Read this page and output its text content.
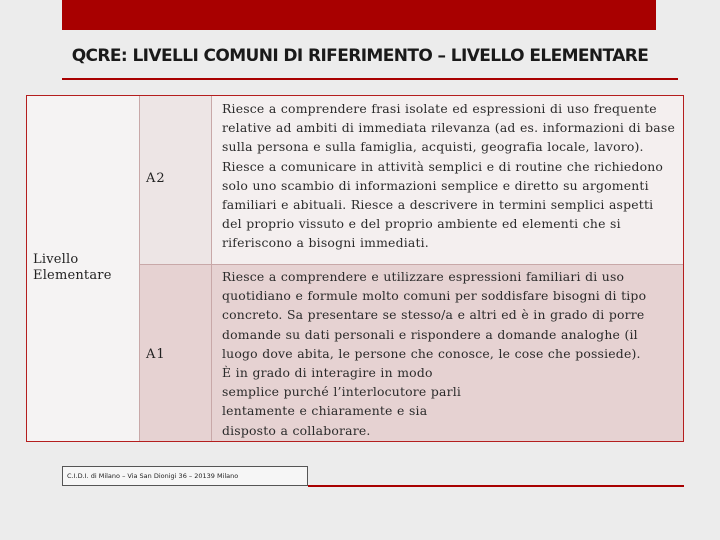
QCRE: LIVELLI COMUNI DI RIFERIMENTO – LIVELLO ELEMENTARE
Livello
Elementare
A2
Riesce a comprendere frasi isolate ed espressioni di uso frequente relative ad ambiti di immediata rilevanza (ad es. informazioni di base sulla persona e sulla famiglia, acquisti, geografia locale, lavoro). Riesce a comunicare in attività semplici e di routine che richiedono solo uno scambio di informazioni semplice e diretto su argomenti familiari e abituali. Riesce a descrivere in termini semplici aspetti del proprio vissuto e del proprio ambiente ed elementi che si riferiscono a bisogni immediati.
A1
Riesce a comprendere e utilizzare espressioni familiari di uso quotidiano e formule molto comuni per soddisfare bisogni di tipo concreto. Sa presentare se stesso/a e altri ed è in grado di porre domande su dati personali e rispondere a domande analoghe (il luogo dove abita, le persone che conosce, le cose che possiede).
È in grado di interagire in modo
semplice purché l’interlocutore parli
lentamente e chiaramente e sia
disposto a collaborare.
C.I.D.I. di Milano – Via San Dionigi 36 – 20139 Milano
